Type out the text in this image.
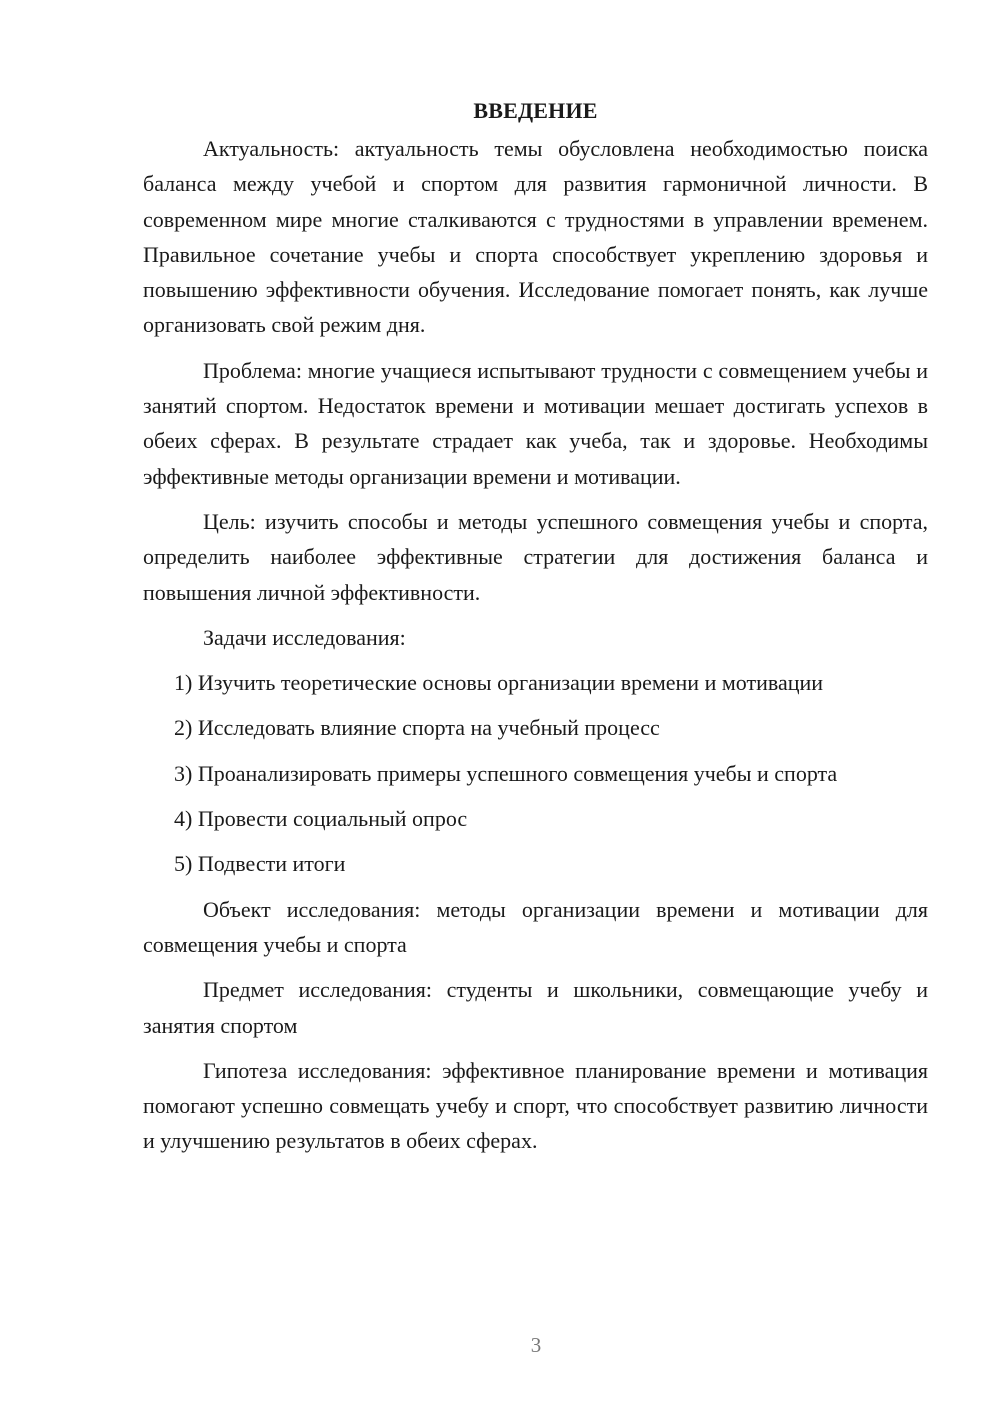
ВВЕДЕНИЕ

Актуальность: актуальность темы обусловлена необходимостью поиска баланса между учебой и спортом для развития гармоничной личности. В современном мире многие сталкиваются с трудностями в управлении временем. Правильное сочетание учебы и спорта способствует укреплению здоровья и повышению эффективности обучения. Исследование помогает понять, как лучше организовать свой режим дня.

Проблема: многие учащиеся испытывают трудности с совмещением учебы и занятий спортом. Недостаток времени и мотивации мешает достигать успехов в обеих сферах. В результате страдает как учеба, так и здоровье. Необходимы эффективные методы организации времени и мотивации.

Цель: изучить способы и методы успешного совмещения учебы и спорта, определить наиболее эффективные стратегии для достижения баланса и повышения личной эффективности.

Задачи исследования:

1) Изучить теоретические основы организации времени и мотивации
2) Исследовать влияние спорта на учебный процесс
3) Проанализировать примеры успешного совмещения учебы и спорта
4) Провести социальный опрос
5) Подвести итоги

Объект исследования: методы организации времени и мотивации для совмещения учебы и спорта

Предмет исследования: студенты и школьники, совмещающие учебу и занятия спортом

Гипотеза исследования: эффективное планирование времени и мотивация помогают успешно совмещать учебу и спорт, что способствует развитию личности и улучшению результатов в обеих сферах.

3
